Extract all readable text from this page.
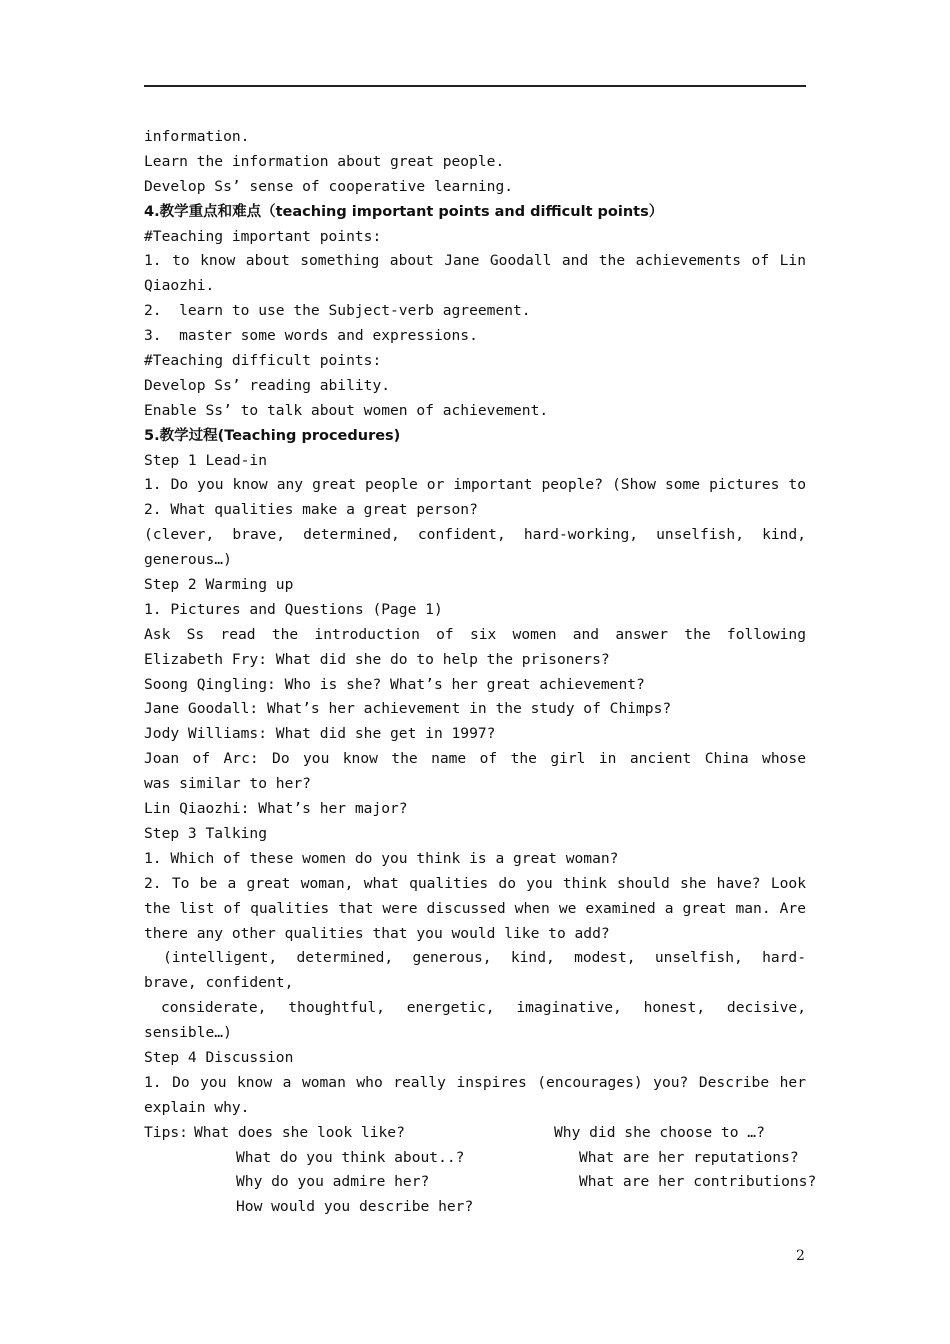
information.
Learn the information about great people.
Develop Ss’ sense of cooperative learning.
4.教学重点和难点（teaching important points and difficult points）
#Teaching important points:
1. to know about something about Jane Goodall and the achievements of Lin
Qiaozhi.
2.  learn to use the Subject-verb agreement.
3.  master some words and expressions.
#Teaching difficult points:
Develop Ss’ reading ability.
Enable Ss’ to talk about women of achievement.
5.教学过程(Teaching procedures)
Step 1 Lead-in
1. Do you know any great people or important people? (Show some pictures to
2. What qualities make a great person?
(clever, brave, determined, confident, hard-working, unselfish, kind,
generous…)
Step 2 Warming up
1. Pictures and Questions (Page 1)
Ask Ss read the introduction of six women and answer the following
Elizabeth Fry: What did she do to help the prisoners?
Soong Qingling: Who is she? What’s her great achievement?
Jane Goodall: What’s her achievement in the study of Chimps?
Jody Williams: What did she get in 1997?
Joan of Arc: Do you know the name of the girl in ancient China whose
was similar to her?
Lin Qiaozhi: What’s her major?
Step 3 Talking
1. Which of these women do you think is a great woman?
2. To be a great woman, what qualities do you think should she have? Look
the list of qualities that were discussed when we examined a great man. Are
there any other qualities that you would like to add?
(intelligent, determined, generous, kind, modest, unselfish, hard-
brave, confident,
considerate, thoughtful, energetic, imaginative, honest, decisive,
sensible…)
Step 4 Discussion
1. Do you know a woman who really inspires (encourages) you? Describe her
explain why.
Tips: What does she look like?	Why did she choose to …?
What do you think about..?	What are her reputations?
Why do you admire her?	What are her contributions?
How would you describe her?
2
